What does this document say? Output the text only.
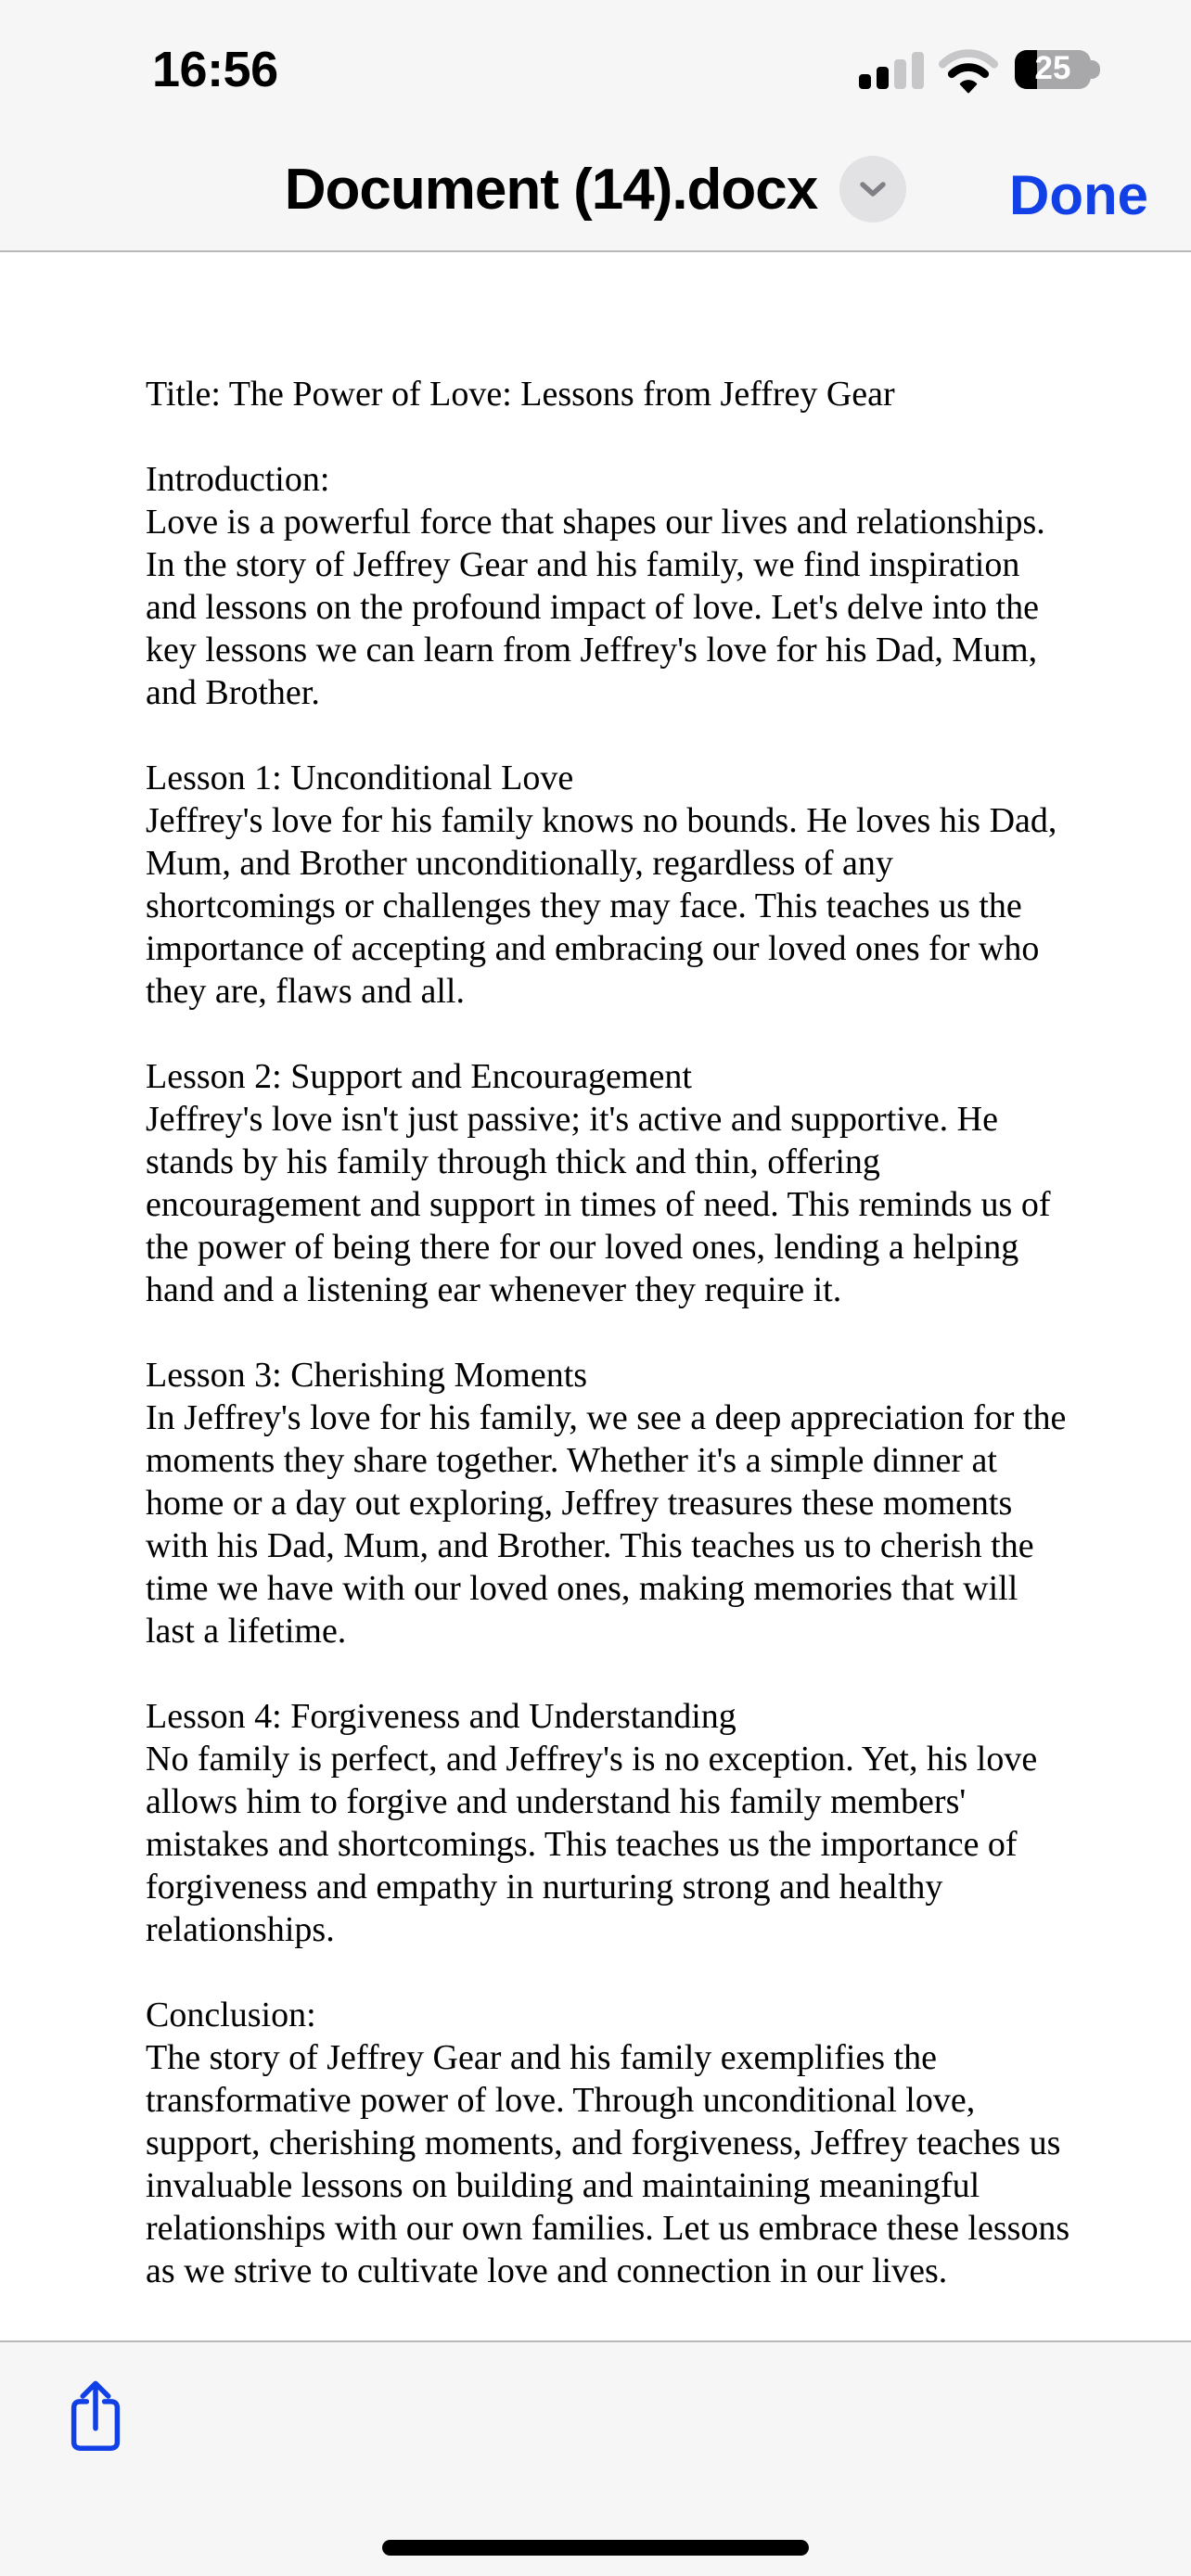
16:56	25
Document (14).docx	Done
Title: The Power of Love: Lessons from Jeffrey Gear
Introduction:
Love is a powerful force that shapes our lives and relationships. In the story of Jeffrey Gear and his family, we find inspiration and lessons on the profound impact of love. Let's delve into the key lessons we can learn from Jeffrey's love for his Dad, Mum, and Brother.
Lesson 1: Unconditional Love
Jeffrey's love for his family knows no bounds. He loves his Dad, Mum, and Brother unconditionally, regardless of any shortcomings or challenges they may face. This teaches us the importance of accepting and embracing our loved ones for who they are, flaws and all.
Lesson 2: Support and Encouragement
Jeffrey's love isn't just passive; it's active and supportive. He stands by his family through thick and thin, offering encouragement and support in times of need. This reminds us of the power of being there for our loved ones, lending a helping hand and a listening ear whenever they require it.
Lesson 3: Cherishing Moments
In Jeffrey's love for his family, we see a deep appreciation for the moments they share together. Whether it's a simple dinner at home or a day out exploring, Jeffrey treasures these moments with his Dad, Mum, and Brother. This teaches us to cherish the time we have with our loved ones, making memories that will last a lifetime.
Lesson 4: Forgiveness and Understanding
No family is perfect, and Jeffrey's is no exception. Yet, his love allows him to forgive and understand his family members' mistakes and shortcomings. This teaches us the importance of forgiveness and empathy in nurturing strong and healthy relationships.
Conclusion:
The story of Jeffrey Gear and his family exemplifies the transformative power of love. Through unconditional love, support, cherishing moments, and forgiveness, Jeffrey teaches us invaluable lessons on building and maintaining meaningful relationships with our own families. Let us embrace these lessons as we strive to cultivate love and connection in our lives.
